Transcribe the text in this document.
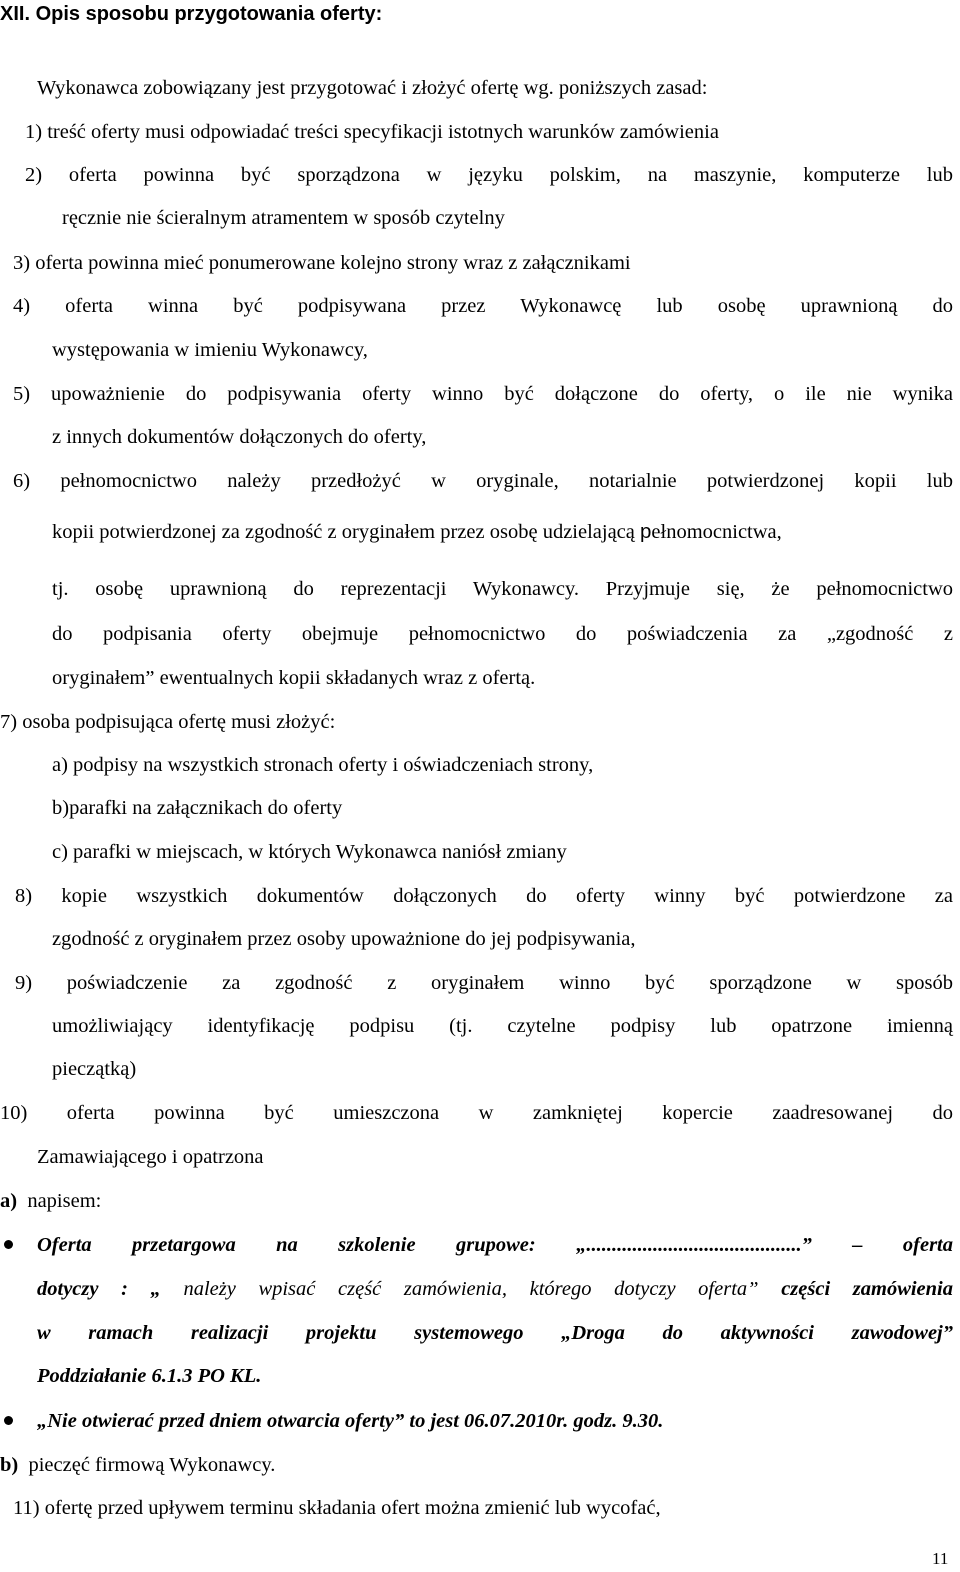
XII. Opis sposobu przygotowania oferty:
Wykonawca zobowiązany jest przygotować i złożyć ofertę wg. poniższych zasad:
1) treść oferty musi odpowiadać treści specyfikacji istotnych warunków zamówienia
2) oferta powinna być sporządzona w języku polskim, na maszynie, komputerze lub
ręcznie nie ścieralnym atramentem w sposób czytelny
3) oferta powinna mieć ponumerowane kolejno strony wraz z załącznikami
4) oferta winna być podpisywana przez Wykonawcę lub osobę uprawnioną do
występowania w imieniu Wykonawcy,
5) upoważnienie do podpisywania oferty winno być dołączone do oferty, o ile nie wynika
z innych dokumentów dołączonych do oferty,
6) pełnomocnictwo należy przedłożyć w oryginale, notarialnie potwierdzonej kopii lub
kopii potwierdzonej za zgodność z oryginałem przez osobę udzielającą pełnomocnictwa,
tj. osobę uprawnioną do reprezentacji Wykonawcy. Przyjmuje się, że pełnomocnictwo
do podpisania oferty obejmuje pełnomocnictwo do poświadczenia za „zgodność z
oryginałem” ewentualnych kopii składanych wraz z ofertą.
7) osoba podpisująca ofertę musi złożyć:
a) podpisy na wszystkich stronach oferty i oświadczeniach strony,
b)parafki na załącznikach do oferty
c) parafki w miejscach, w których Wykonawca naniósł zmiany
8) kopie wszystkich dokumentów dołączonych do oferty winny być potwierdzone za
zgodność z oryginałem przez osoby upoważnione do jej podpisywania,
9) poświadczenie za zgodność z oryginałem winno być sporządzone w sposób
umożliwiający identyfikację podpisu (tj. czytelne podpisy lub opatrzone imienną
pieczątką)
10) oferta powinna być umieszczona w zamkniętej kopercie zaadresowanej do
Zamawiającego i opatrzona
a) napisem:
Oferta przetargowa na szkolenie grupowe: „..........................................” – oferta
dotyczy : „ należy wpisać część zamówienia, którego dotyczy oferta” części zamówienia
w ramach realizacji projektu systemowego „Droga do aktywności zawodowej”
Poddziałanie 6.1.3 PO KL.
„Nie otwierać przed dniem otwarcia oferty” to jest 06.07.2010r. godz. 9.30.
b) pieczęć firmową Wykonawcy.
11) ofertę przed upływem terminu składania ofert można zmienić lub wycofać,
11
